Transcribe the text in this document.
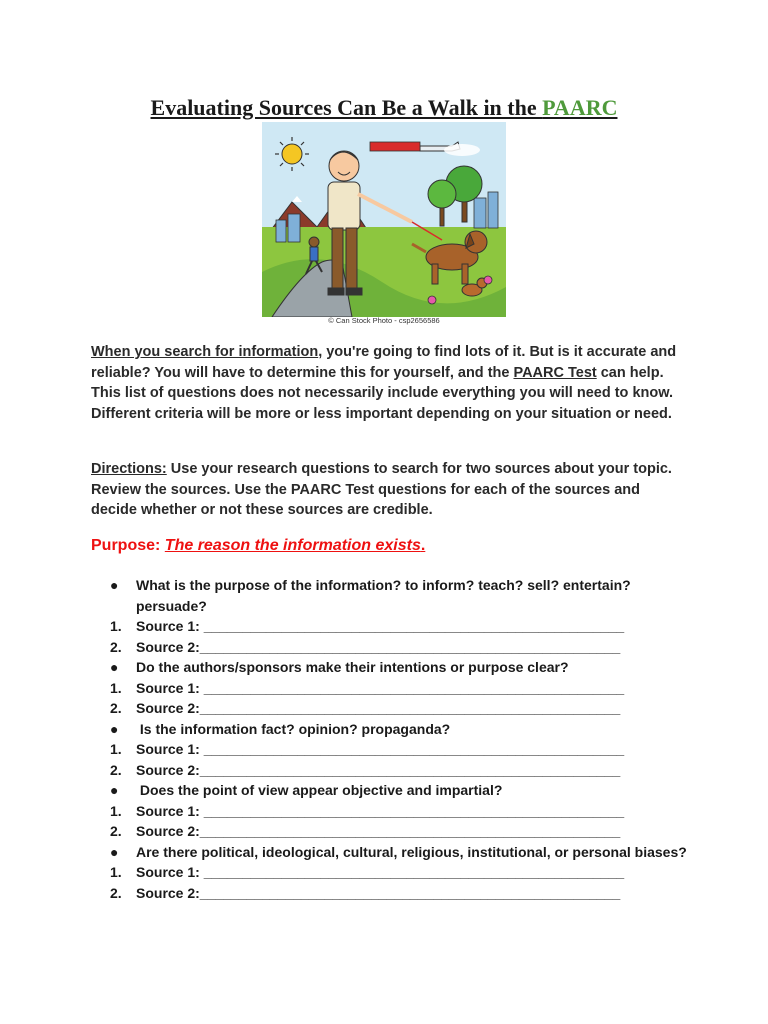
Evaluating Sources Can Be a Walk in the PAARC
© Can Stock Photo - csp2656586
When you search for information, you're going to find lots of it. But is it accurate and reliable? You will have to determine this for yourself, and the PAARC Test can help. This list of questions does not necessarily include everything you will need to know. Different criteria will be more or less important depending on your situation or need.
Directions: Use your research questions to search for two sources about your topic. Review the sources. Use the PAARC Test questions for each of the sources and decide whether or not these sources are credible.
Purpose: The reason the information exists.
●	What is the purpose of the information? to inform? teach? sell? entertain? persuade?
1.	Source 1: ______________________________________________________
2.	Source 2:______________________________________________________
●	Do the authors/sponsors make their intentions or purpose clear?
1.	Source 1: ______________________________________________________
2.	Source 2:______________________________________________________
●	Is the information fact? opinion? propaganda?
1.	Source 1: ______________________________________________________
2.	Source 2:______________________________________________________
●	Does the point of view appear objective and impartial?
1.	Source 1: ______________________________________________________
2.	Source 2:______________________________________________________
●	Are there political, ideological, cultural, religious, institutional, or personal biases?
1.	Source 1: ______________________________________________________
2.	Source 2:______________________________________________________
